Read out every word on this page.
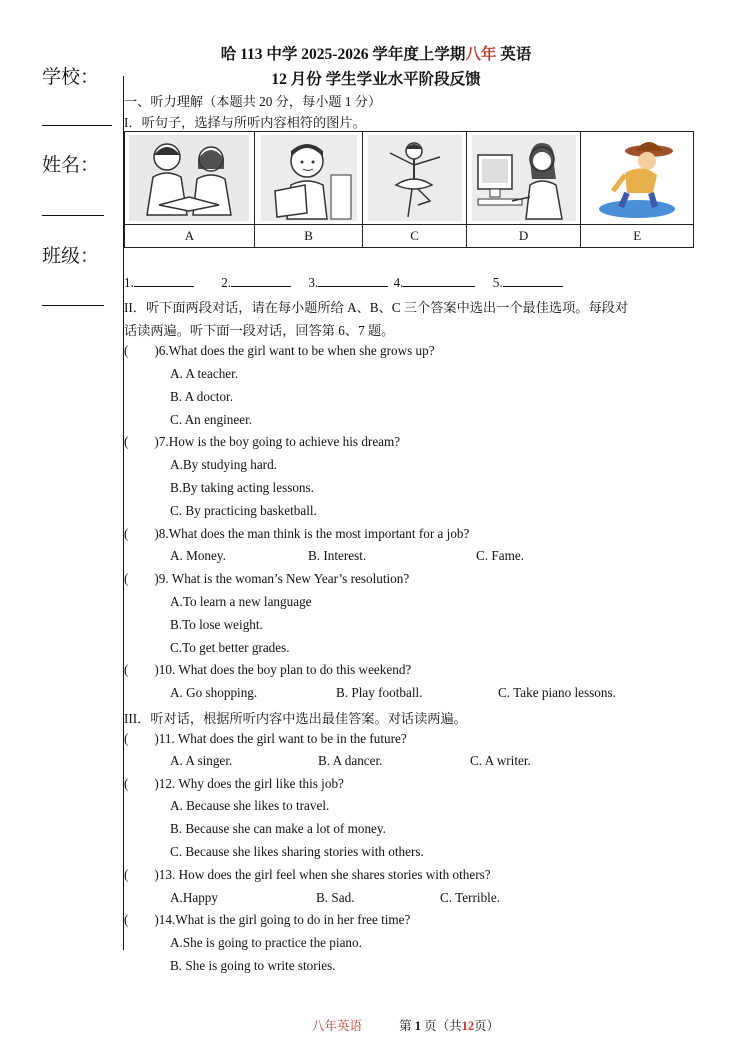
学校：
姓名：
班级：
哈 113 中学 2025-2026 学年度上学期八年 英语
12 月份 学生学业水平阶段反馈
一、听力理解（本题共 20 分，每小题 1 分）
I．听句子，选择与所听内容相符的图片。

A	B	C	D	E
1.	2.	3.	4.	5.
II．听下面两段对话，请在每小题所给 A、B、C 三个答案中选出一个最佳选项。每段对
话读两遍。听下面一段对话，回答第 6、7 题。
( )6.What does the girl want to be when she grows up?
A. A teacher.
B. A doctor.
C. An engineer.
( )7.How is the boy going to achieve his dream?
A.By studying hard.
B.By taking acting lessons.
C. By practicing basketball.
( )8.What does the man think is the most important for a job?
A. Money.	B. Interest.	C. Fame.
( )9. What is the woman’s New Year’s resolution?
A.To learn a new language
B.To lose weight.
C.To get better grades.
( )10. What does the boy plan to do this weekend?
A. Go shopping.	B. Play football.	C. Take piano lessons.
III．听对话，根据所听内容中选出最佳答案。对话读两遍。
( )11. What does the girl want to be in the future?
A. A singer.	B. A dancer.	C. A writer.
( )12. Why does the girl like this job?
A. Because she likes to travel.
B. Because she can make a lot of money.
C. Because she likes sharing stories with others.
( )13. How does the girl feel when she shares stories with others?
A.Happy	B. Sad.	C. Terrible.
( )14.What is the girl going to do in her free time?
A.She is going to practice the piano.
B. She is going to write stories.
八年英语	第 1 页（共12页）
